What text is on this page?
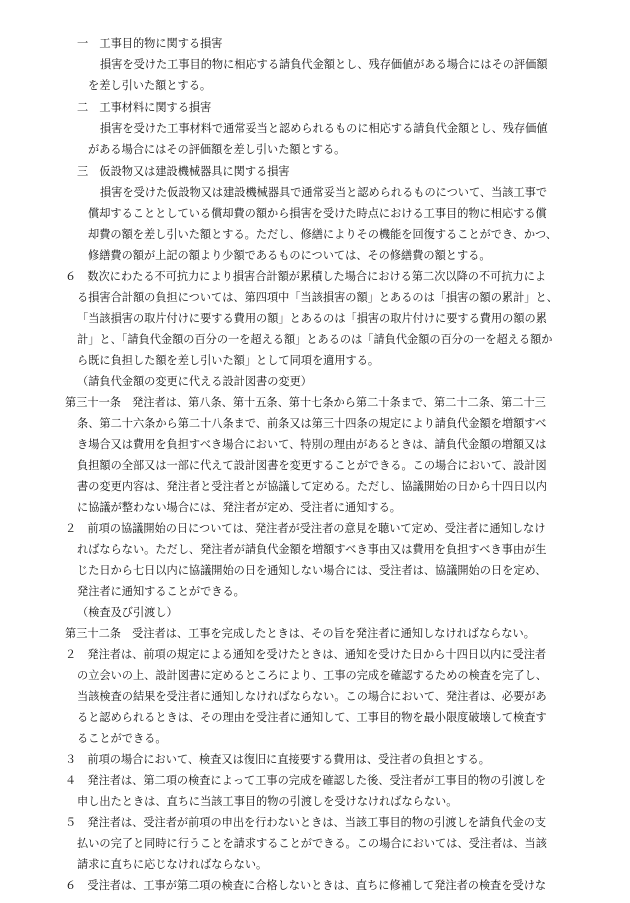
一　工事目的物に関する損害
損害を受けた工事目的物に相応する請負代金額とし、残存価値がある場合にはその評価額
を差し引いた額とする。
二　工事材料に関する損害
損害を受けた工事材料で通常妥当と認められるものに相応する請負代金額とし、残存価値
がある場合にはその評価額を差し引いた額とする。
三　仮設物又は建設機械器具に関する損害
損害を受けた仮設物又は建設機械器具で通常妥当と認められるものについて、当該工事で
償却することとしている償却費の額から損害を受けた時点における工事目的物に相応する償
却費の額を差し引いた額とする。ただし、修繕によりその機能を回復することができ、かつ、
修繕費の額が上記の額より少額であるものについては、その修繕費の額とする。
６　数次にわたる不可抗力により損害合計額が累積した場合における第二次以降の不可抗力によ
る損害合計額の負担については、第四項中「当該損害の額」とあるのは「損害の額の累計」と、
「当該損害の取片付けに要する費用の額」とあるのは「損害の取片付けに要する費用の額の累
計」と、「請負代金額の百分の一を超える額」とあるのは「請負代金額の百分の一を超える額か
ら既に負担した額を差し引いた額」として同項を適用する。
（請負代金額の変更に代える設計図書の変更）
第三十一条　発注者は、第八条、第十五条、第十七条から第二十条まで、第二十二条、第二十三
条、第二十六条から第二十八条まで、前条又は第三十四条の規定により請負代金額を増額すべ
き場合又は費用を負担すべき場合において、特別の理由があるときは、請負代金額の増額又は
負担額の全部又は一部に代えて設計図書を変更することができる。この場合において、設計図
書の変更内容は、発注者と受注者とが協議して定める。ただし、協議開始の日から十四日以内
に協議が整わない場合には、発注者が定め、受注者に通知する。
２　前項の協議開始の日については、発注者が受注者の意見を聴いて定め、受注者に通知しなけ
ればならない。ただし、発注者が請負代金額を増額すべき事由又は費用を負担すべき事由が生
じた日から七日以内に協議開始の日を通知しない場合には、受注者は、協議開始の日を定め、
発注者に通知することができる。
（検査及び引渡し）
第三十二条　受注者は、工事を完成したときは、その旨を発注者に通知しなければならない。
２　発注者は、前項の規定による通知を受けたときは、通知を受けた日から十四日以内に受注者
の立会いの上、設計図書に定めるところにより、工事の完成を確認するための検査を完了し、
当該検査の結果を受注者に通知しなければならない。この場合において、発注者は、必要があ
ると認められるときは、その理由を受注者に通知して、工事目的物を最小限度破壊して検査す
ることができる。
３　前項の場合において、検査又は復旧に直接要する費用は、受注者の負担とする。
４　発注者は、第二項の検査によって工事の完成を確認した後、受注者が工事目的物の引渡しを
申し出たときは、直ちに当該工事目的物の引渡しを受けなければならない。
５　発注者は、受注者が前項の申出を行わないときは、当該工事目的物の引渡しを請負代金の支
払いの完了と同時に行うことを請求することができる。この場合においては、受注者は、当該
請求に直ちに応じなければならない。
６　受注者は、工事が第二項の検査に合格しないときは、直ちに修補して発注者の検査を受けな
